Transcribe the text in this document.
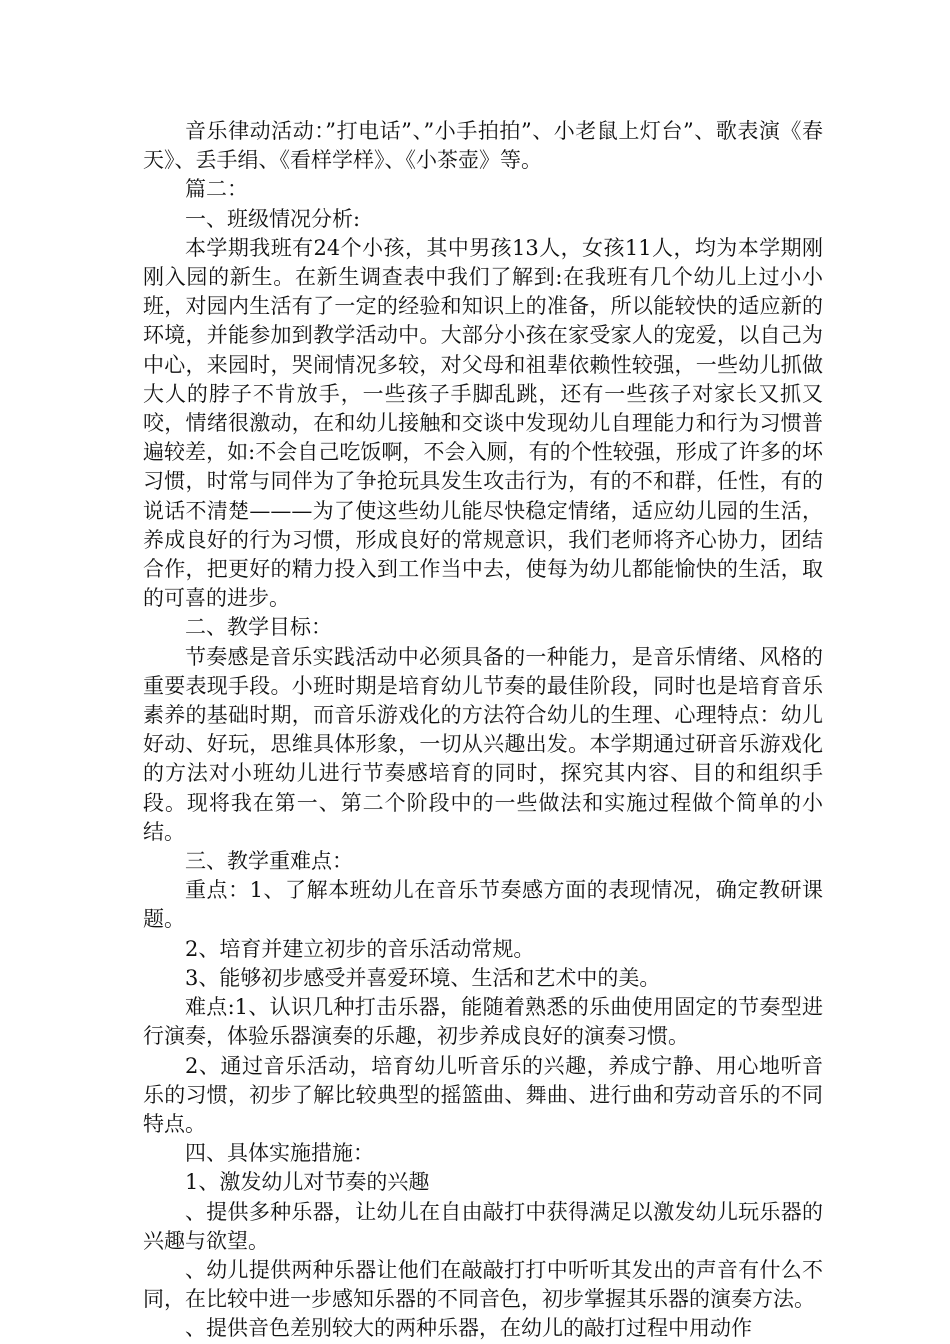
音乐律动活动：”打电话”、”小手拍拍”、小老鼠上灯台”、歌表演《春天》、丢手绢、《看样学样》、《小茶壶》等。

篇二：

一、班级情况分析:

本学期我班有24个小孩，其中男孩13人，女孩11人，均为本学期刚刚入园的新生。在新生调查表中我们了解到:在我班有几个幼儿上过小小班，对园内生活有了一定的经验和知识上的准备，所以能较快的适应新的环境，并能参加到教学活动中。大部分小孩在家受家人的宠爱，以自己为中心，来园时，哭闹情况多较，对父母和祖辈依赖性较强，一些幼儿抓做大人的脖子不肯放手，一些孩子手脚乱跳，还有一些孩子对家长又抓又咬，情绪很激动，在和幼儿接触和交谈中发现幼儿自理能力和行为习惯普遍较差，如:不会自己吃饭啊，不会入厕，有的个性较强，形成了许多的坏习惯，时常与同伴为了争抢玩具发生攻击行为，有的不和群，任性，有的说话不清楚———为了使这些幼儿能尽快稳定情绪，适应幼儿园的生活，养成良好的行为习惯，形成良好的常规意识，我们老师将齐心协力，团结合作，把更好的精力投入到工作当中去，使每为幼儿都能愉快的生活，取的可喜的进步。

二、教学目标：

节奏感是音乐实践活动中必须具备的一种能力，是音乐情绪、风格的重要表现手段。小班时期是培育幼儿节奏的最佳阶段，同时也是培育音乐素养的基础时期，而音乐游戏化的方法符合幼儿的生理、心理特点：幼儿好动、好玩，思维具体形象，一切从兴趣出发。本学期通过研音乐游戏化的方法对小班幼儿进行节奏感培育的同时，探究其内容、目的和组织手段。现将我在第一、第二个阶段中的一些做法和实施过程做个简单的小结。

三、教学重难点：

重点：1、了解本班幼儿在音乐节奏感方面的表现情况，确定教研课题。

2、培育并建立初步的音乐活动常规。

3、能够初步感受并喜爱环境、生活和艺术中的美。

难点:1、认识几种打击乐器，能随着熟悉的乐曲使用固定的节奏型进行演奏，体验乐器演奏的乐趣，初步养成良好的演奏习惯。

2、通过音乐活动，培育幼儿听音乐的兴趣，养成宁静、用心地听音乐的习惯，初步了解比较典型的摇篮曲、舞曲、进行曲和劳动音乐的不同特点。

四、具体实施措施：

1、激发幼儿对节奏的兴趣

、提供多种乐器，让幼儿在自由敲打中获得满足以激发幼儿玩乐器的兴趣与欲望。

、幼儿提供两种乐器让他们在敲敲打打中听听其发出的声音有什么不同，在比较中进一步感知乐器的不同音色，初步掌握其乐器的演奏方法。

、提供音色差别较大的两种乐器，在幼儿的敲打过程中用动作
